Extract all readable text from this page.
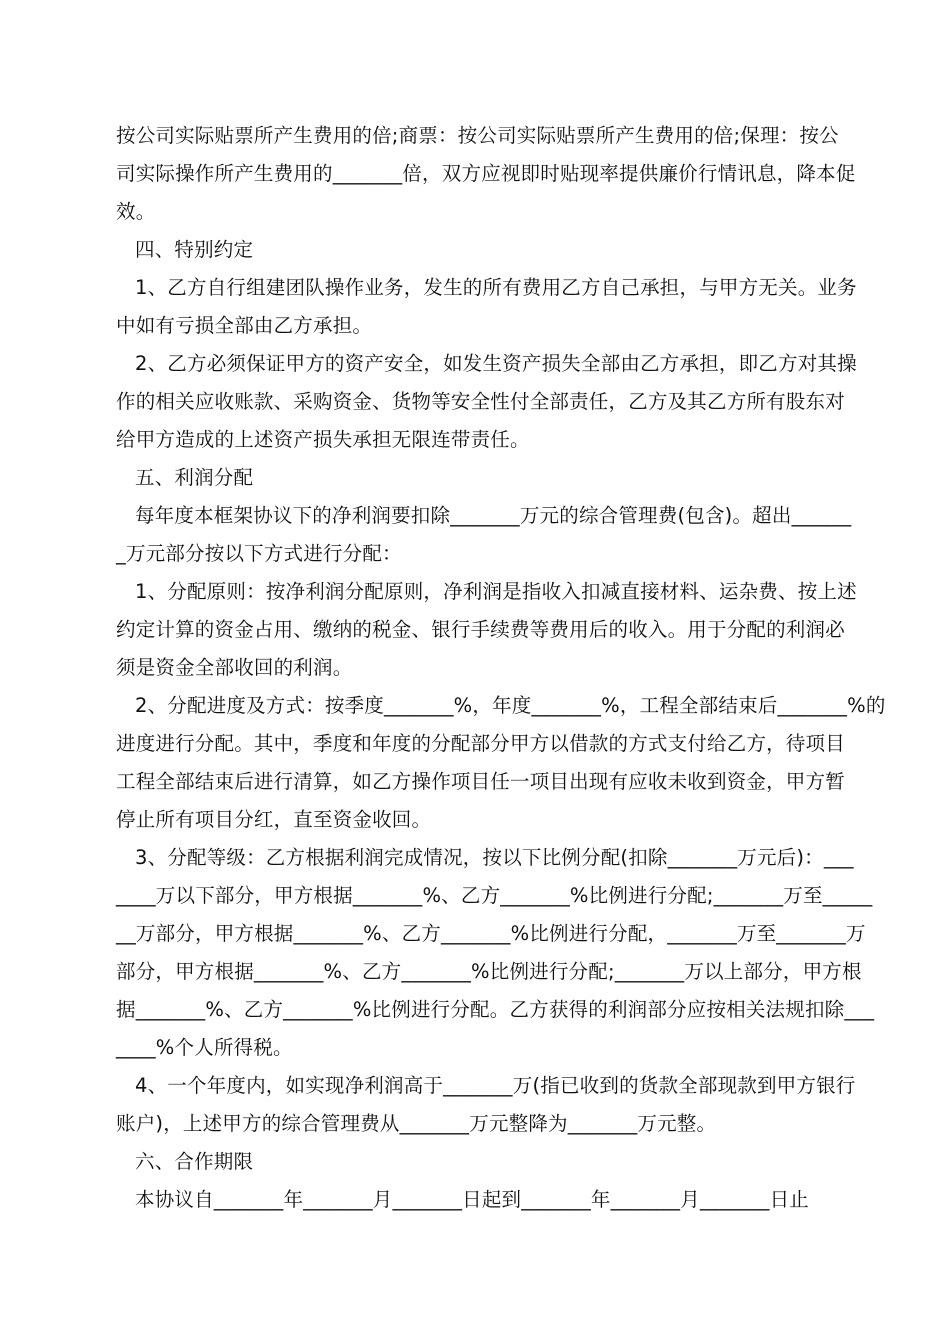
按公司实际贴票所产生费用的倍;商票：按公司实际贴票所产生费用的倍;保理：按公
司实际操作所产生费用的_______倍，双方应视即时贴现率提供廉价行情讯息，降本促
效。
四、特别约定
1、乙方自行组建团队操作业务，发生的所有费用乙方自己承担，与甲方无关。业务
中如有亏损全部由乙方承担。
2、乙方必须保证甲方的资产安全，如发生资产损失全部由乙方承担，即乙方对其操
作的相关应收账款、采购资金、货物等安全性付全部责任，乙方及其乙方所有股东对
给甲方造成的上述资产损失承担无限连带责任。
五、利润分配
每年度本框架协议下的净利润要扣除_______万元的综合管理费(包含)。超出______
_万元部分按以下方式进行分配：
1、分配原则：按净利润分配原则，净利润是指收入扣减直接材料、运杂费、按上述
约定计算的资金占用、缴纳的税金、银行手续费等费用后的收入。用于分配的利润必
须是资金全部收回的利润。
2、分配进度及方式：按季度_______%，年度_______%，工程全部结束后_______%的
进度进行分配。其中，季度和年度的分配部分甲方以借款的方式支付给乙方，待项目
工程全部结束后进行清算，如乙方操作项目任一项目出现有应收未收到资金，甲方暂
停止所有项目分红，直至资金收回。
3、分配等级：乙方根据利润完成情况，按以下比例分配(扣除_______万元后)：___
____万以下部分，甲方根据_______%、乙方_______%比例进行分配;_______万至_____
__万部分，甲方根据_______%、乙方_______%比例进行分配，_______万至_______万
部分，甲方根据_______%、乙方_______%比例进行分配;_______万以上部分，甲方根
据_______%、乙方_______%比例进行分配。乙方获得的利润部分应按相关法规扣除___
____%个人所得税。
4、一个年度内，如实现净利润高于_______万(指已收到的货款全部现款到甲方银行
账户)，上述甲方的综合管理费从_______万元整降为_______万元整。
六、合作期限
本协议自_______年_______月_______日起到_______年_______月_______日止
